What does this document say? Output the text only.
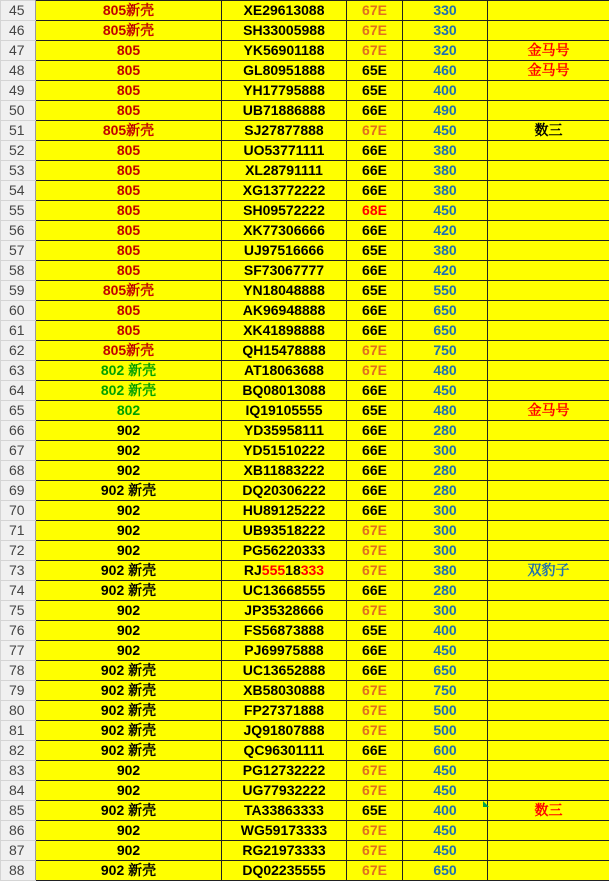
45	805新壳	XE29613088	67E	330	
46	805新壳	SH33005988	67E	330	
47	805	YK56901188	67E	320	金马号
48	805	GL80951888	65E	460	金马号
49	805	YH17795888	65E	400	
50	805	UB71886888	66E	490	
51	805新壳	SJ27877888	67E	450	数三
52	805	UO53771111	66E	380	
53	805	XL28791111	66E	380	
54	805	XG13772222	66E	380	
55	805	SH09572222	68E	450	
56	805	XK77306666	66E	420	
57	805	UJ97516666	65E	380	
58	805	SF73067777	66E	420	
59	805新壳	YN18048888	65E	550	
60	805	AK96948888	66E	650	
61	805	XK41898888	66E	650	
62	805新壳	QH15478888	67E	750	
63	802 新壳	AT18063688	67E	480	
64	802 新壳	BQ08013088	66E	450	
65	802	IQ19105555	65E	480	金马号
66	902	YD35958111	66E	280	
67	902	YD51510222	66E	300	
68	902	XB11883222	66E	280	
69	902 新壳	DQ20306222	66E	280	
70	902	HU89125222	66E	300	
71	902	UB93518222	67E	300	
72	902	PG56220333	67E	300	
73	902 新壳	RJ55518333	67E	380	双豹子
74	902 新壳	UC13668555	66E	280	
75	902	JP35328666	67E	300	
76	902	FS56873888	65E	400	
77	902	PJ69975888	66E	450	
78	902 新壳	UC13652888	66E	650	
79	902 新壳	XB58030888	67E	750	
80	902 新壳	FP27371888	67E	500	
81	902 新壳	JQ91807888	67E	500	
82	902 新壳	QC96301111	66E	600	
83	902	PG12732222	67E	450	
84	902	UG77932222	67E	450	
85	902 新壳	TA33863333	65E	400	数三
86	902	WG59173333	67E	450	
87	902	RG21973333	67E	450	
88	902 新壳	DQ02235555	67E	650	
